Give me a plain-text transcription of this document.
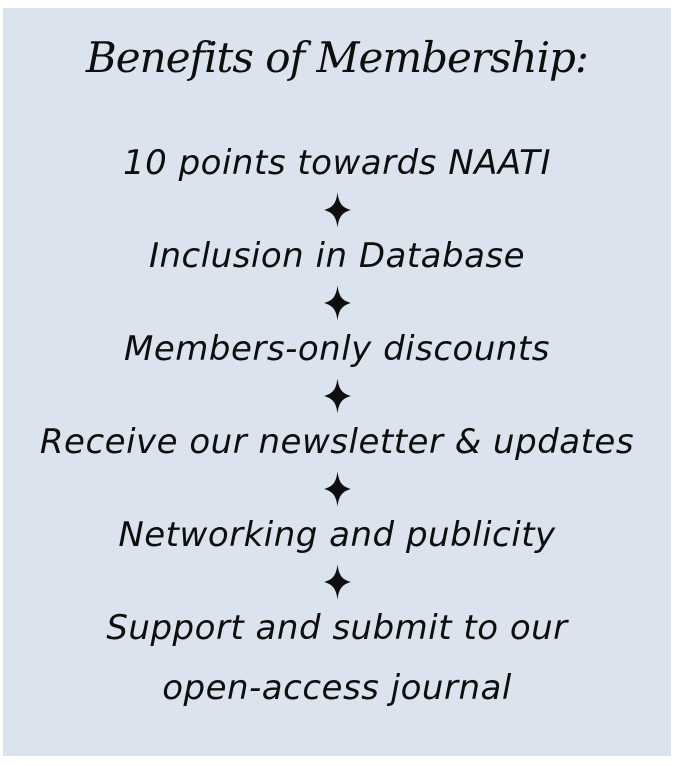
Benefits of Membership:
10 points towards NAATI
Inclusion in Database
Members-only discounts
Receive our newsletter & updates
Networking and publicity
Support and submit to our
open-access journal
